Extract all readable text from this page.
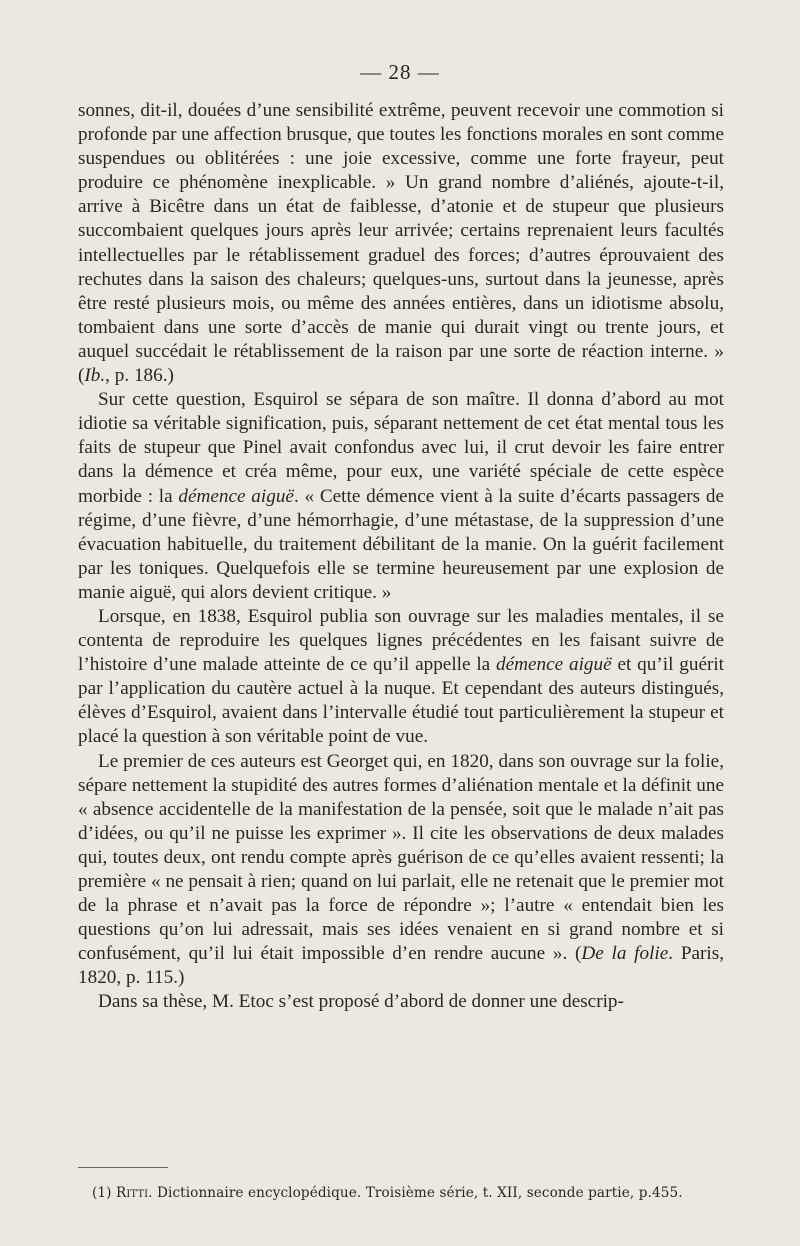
— 28 —

sonnes, dit-il, douées d’une sensibilité extrême, peuvent recevoir une commotion si profonde par une affection brusque, que toutes les fonctions morales en sont comme suspendues ou oblitérées : une joie excessive, comme une forte frayeur, peut produire ce phénomène inexplicable. » Un grand nombre d’aliénés, ajoute-t-il, arrive à Bicêtre dans un état de faiblesse, d’atonie et de stupeur que plusieurs succombaient quelques jours après leur arrivée; certains reprenaient leurs facultés intellectuelles par le rétablissement graduel des forces; d’autres éprouvaient des rechutes dans la saison des chaleurs; quelques-uns, surtout dans la jeunesse, après être resté plusieurs mois, ou même des années entières, dans un idiotisme absolu, tombaient dans une sorte d’accès de manie qui durait vingt ou trente jours, et auquel succédait le rétablissement de la raison par une sorte de réaction interne. » (Ib., p. 186.)

Sur cette question, Esquirol se sépara de son maître. Il donna d’abord au mot idiotie sa véritable signification, puis, séparant nettement de cet état mental tous les faits de stupeur que Pinel avait confondus avec lui, il crut devoir les faire entrer dans la démence et créa même, pour eux, une variété spéciale de cette espèce morbide : la démence aiguë. « Cette démence vient à la suite d’écarts passagers de régime, d’une fièvre, d’une hémorrhagie, d’une métastase, de la suppression d’une évacuation habituelle, du traitement débilitant de la manie. On la guérit facilement par les toniques. Quelquefois elle se termine heureusement par une explosion de manie aiguë, qui alors devient critique. »

Lorsque, en 1838, Esquirol publia son ouvrage sur les maladies mentales, il se contenta de reproduire les quelques lignes précédentes en les faisant suivre de l’histoire d’une malade atteinte de ce qu’il appelle la démence aiguë et qu’il guérit par l’application du cautère actuel à la nuque. Et cependant des auteurs distingués, élèves d’Esquirol, avaient dans l’intervalle étudié tout particulièrement la stupeur et placé la question à son véritable point de vue.

Le premier de ces auteurs est Georget qui, en 1820, dans son ouvrage sur la folie, sépare nettement la stupidité des autres formes d’aliénation mentale et la définit une « absence accidentelle de la manifestation de la pensée, soit que le malade n’ait pas d’idées, ou qu’il ne puisse les exprimer ». Il cite les observations de deux malades qui, toutes deux, ont rendu compte après guérison de ce qu’elles avaient ressenti; la première « ne pensait à rien; quand on lui parlait, elle ne retenait que le premier mot de la phrase et n’avait pas la force de répondre »; l’autre « entendait bien les questions qu’on lui adressait, mais ses idées venaient en si grand nombre et si confusément, qu’il lui était impossible d’en rendre aucune ». (De la folie. Paris, 1820, p. 115.)

Dans sa thèse, M. Etoc s’est proposé d’abord de donner une descrip-

(1) Ritti. Dictionnaire encyclopédique. Troisième série, t. XII, seconde partie, p.455.
